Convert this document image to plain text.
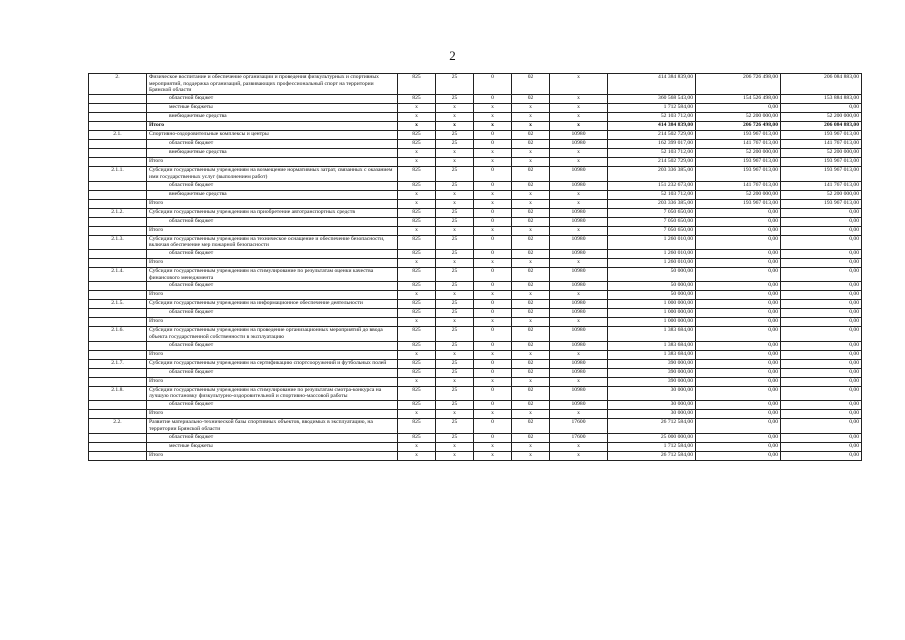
2
2.	Физическое воспитание и обеспечение организации и проведения физкультурных и спортивных мероприятий, поддержка организаций, развивающих профессиональный спорт на территории Брянской области	825	25	0	02	x	414 384 839,00	206 726 498,00	206 084 883,00
	областной бюджет	825	25	0	02	x	360 568 543,00	154 526 498,00	153 884 883,00
	местные бюджеты	x	x	x	x	x	1 712 584,00	0,00	0,00
	внебюджетные средства	x	x	x	x	x	52 103 712,00	52 200 000,00	52 200 000,00
	Итого	x	x	x	x	x	414 384 839,00	206 726 498,00	206 084 883,00
2.1.	Спортивно-оздоровительные комплексы и центры	825	25	0	02	10980	214 502 729,00	193 967 013,00	193 967 013,00
	областной бюджет	825	25	0	02	10980	162 399 017,00	141 767 013,00	141 767 013,00
	внебюджетные средства	x	x	x	x	x	52 103 712,00	52 200 000,00	52 200 000,00
	Итого	x	x	x	x	x	214 502 729,00	193 967 013,00	193 967 013,00
2.1.1.	Субсидии государственным учреждениям на возмещение нормативных затрат, связанных с оказанием ими государственных услуг (выполнением работ)	825	25	0	02	10980	203 336 385,00	193 967 013,00	193 967 013,00
	областной бюджет	825	25	0	02	10980	151 232 673,00	141 767 013,00	141 767 013,00
	внебюджетные средства	x	x	x	x	x	52 103 712,00	52 200 000,00	52 200 000,00
	Итого	x	x	x	x	x	203 336 385,00	193 967 013,00	193 967 013,00
2.1.2.	Субсидии государственным учреждениям на приобретение автотранспортных средств	825	25	0	02	10980	7 050 650,00	0,00	0,00
	областной бюджет	825	25	0	02	10980	7 050 650,00	0,00	0,00
	Итого	x	x	x	x	x	7 050 650,00	0,00	0,00
2.1.3.	Субсидии государственным учреждениям на техническое оснащение и обеспечение безопасности, включая обеспечение мер пожарной безопасности	825	25	0	02	10980	1 260 010,00	0,00	0,00
	областной бюджет	825	25	0	02	10980	1 260 010,00	0,00	0,00
	Итого	x	x	x	x	x	1 260 010,00	0,00	0,00
2.1.4.	Субсидии государственным учреждениям на стимулирование по результатам оценки качества финансового менеджмента	825	25	0	02	10980	50 000,00	0,00	0,00
	областной бюджет	825	25	0	02	10980	50 000,00	0,00	0,00
	Итого	x	x	x	x	x	50 000,00	0,00	0,00
2.1.5.	Субсидии государственным учреждениям на информационное обеспечение деятельности	825	25	0	02	10980	1 000 000,00	0,00	0,00
	областной бюджет	825	25	0	02	10980	1 000 000,00	0,00	0,00
	Итого	x	x	x	x	x	1 000 000,00	0,00	0,00
2.1.6.	Субсидии государственным учреждениям на проведение организационных мероприятий до ввода объекта государственной собственности в эксплуатацию	825	25	0	02	10980	1 383 684,00	0,00	0,00
	областной бюджет	825	25	0	02	10980	1 383 684,00	0,00	0,00
	Итого	x	x	x	x	x	1 383 684,00	0,00	0,00
2.1.7.	Субсидии государственным учреждениям на сертификацию спортсооружений и футбольных полей	825	25	0	02	10980	390 000,00	0,00	0,00
	областной бюджет	825	25	0	02	10980	390 000,00	0,00	0,00
	Итого	x	x	x	x	x	390 000,00	0,00	0,00
2.1.8.	Субсидии государственным учреждениям на стимулирование по результатам смотра-конкурса на лучшую постановку физкультурно-оздоровительной и спортивно-массовой работы	825	25	0	02	10980	30 000,00	0,00	0,00
	областной бюджет	825	25	0	02	10980	30 000,00	0,00	0,00
	Итого	x	x	x	x	x	30 000,00	0,00	0,00
2.2.	Развитие материально-технической базы спортивных объектов, вводимых в эксплуатацию, на территории Брянской области	825	25	0	02	17600	26 712 584,00	0,00	0,00
	областной бюджет	825	25	0	02	17600	25 000 000,00	0,00	0,00
	местные бюджеты	x	x	x	x	x	1 712 584,00	0,00	0,00
	Итого	x	x	x	x	x	26 712 584,00	0,00	0,00
